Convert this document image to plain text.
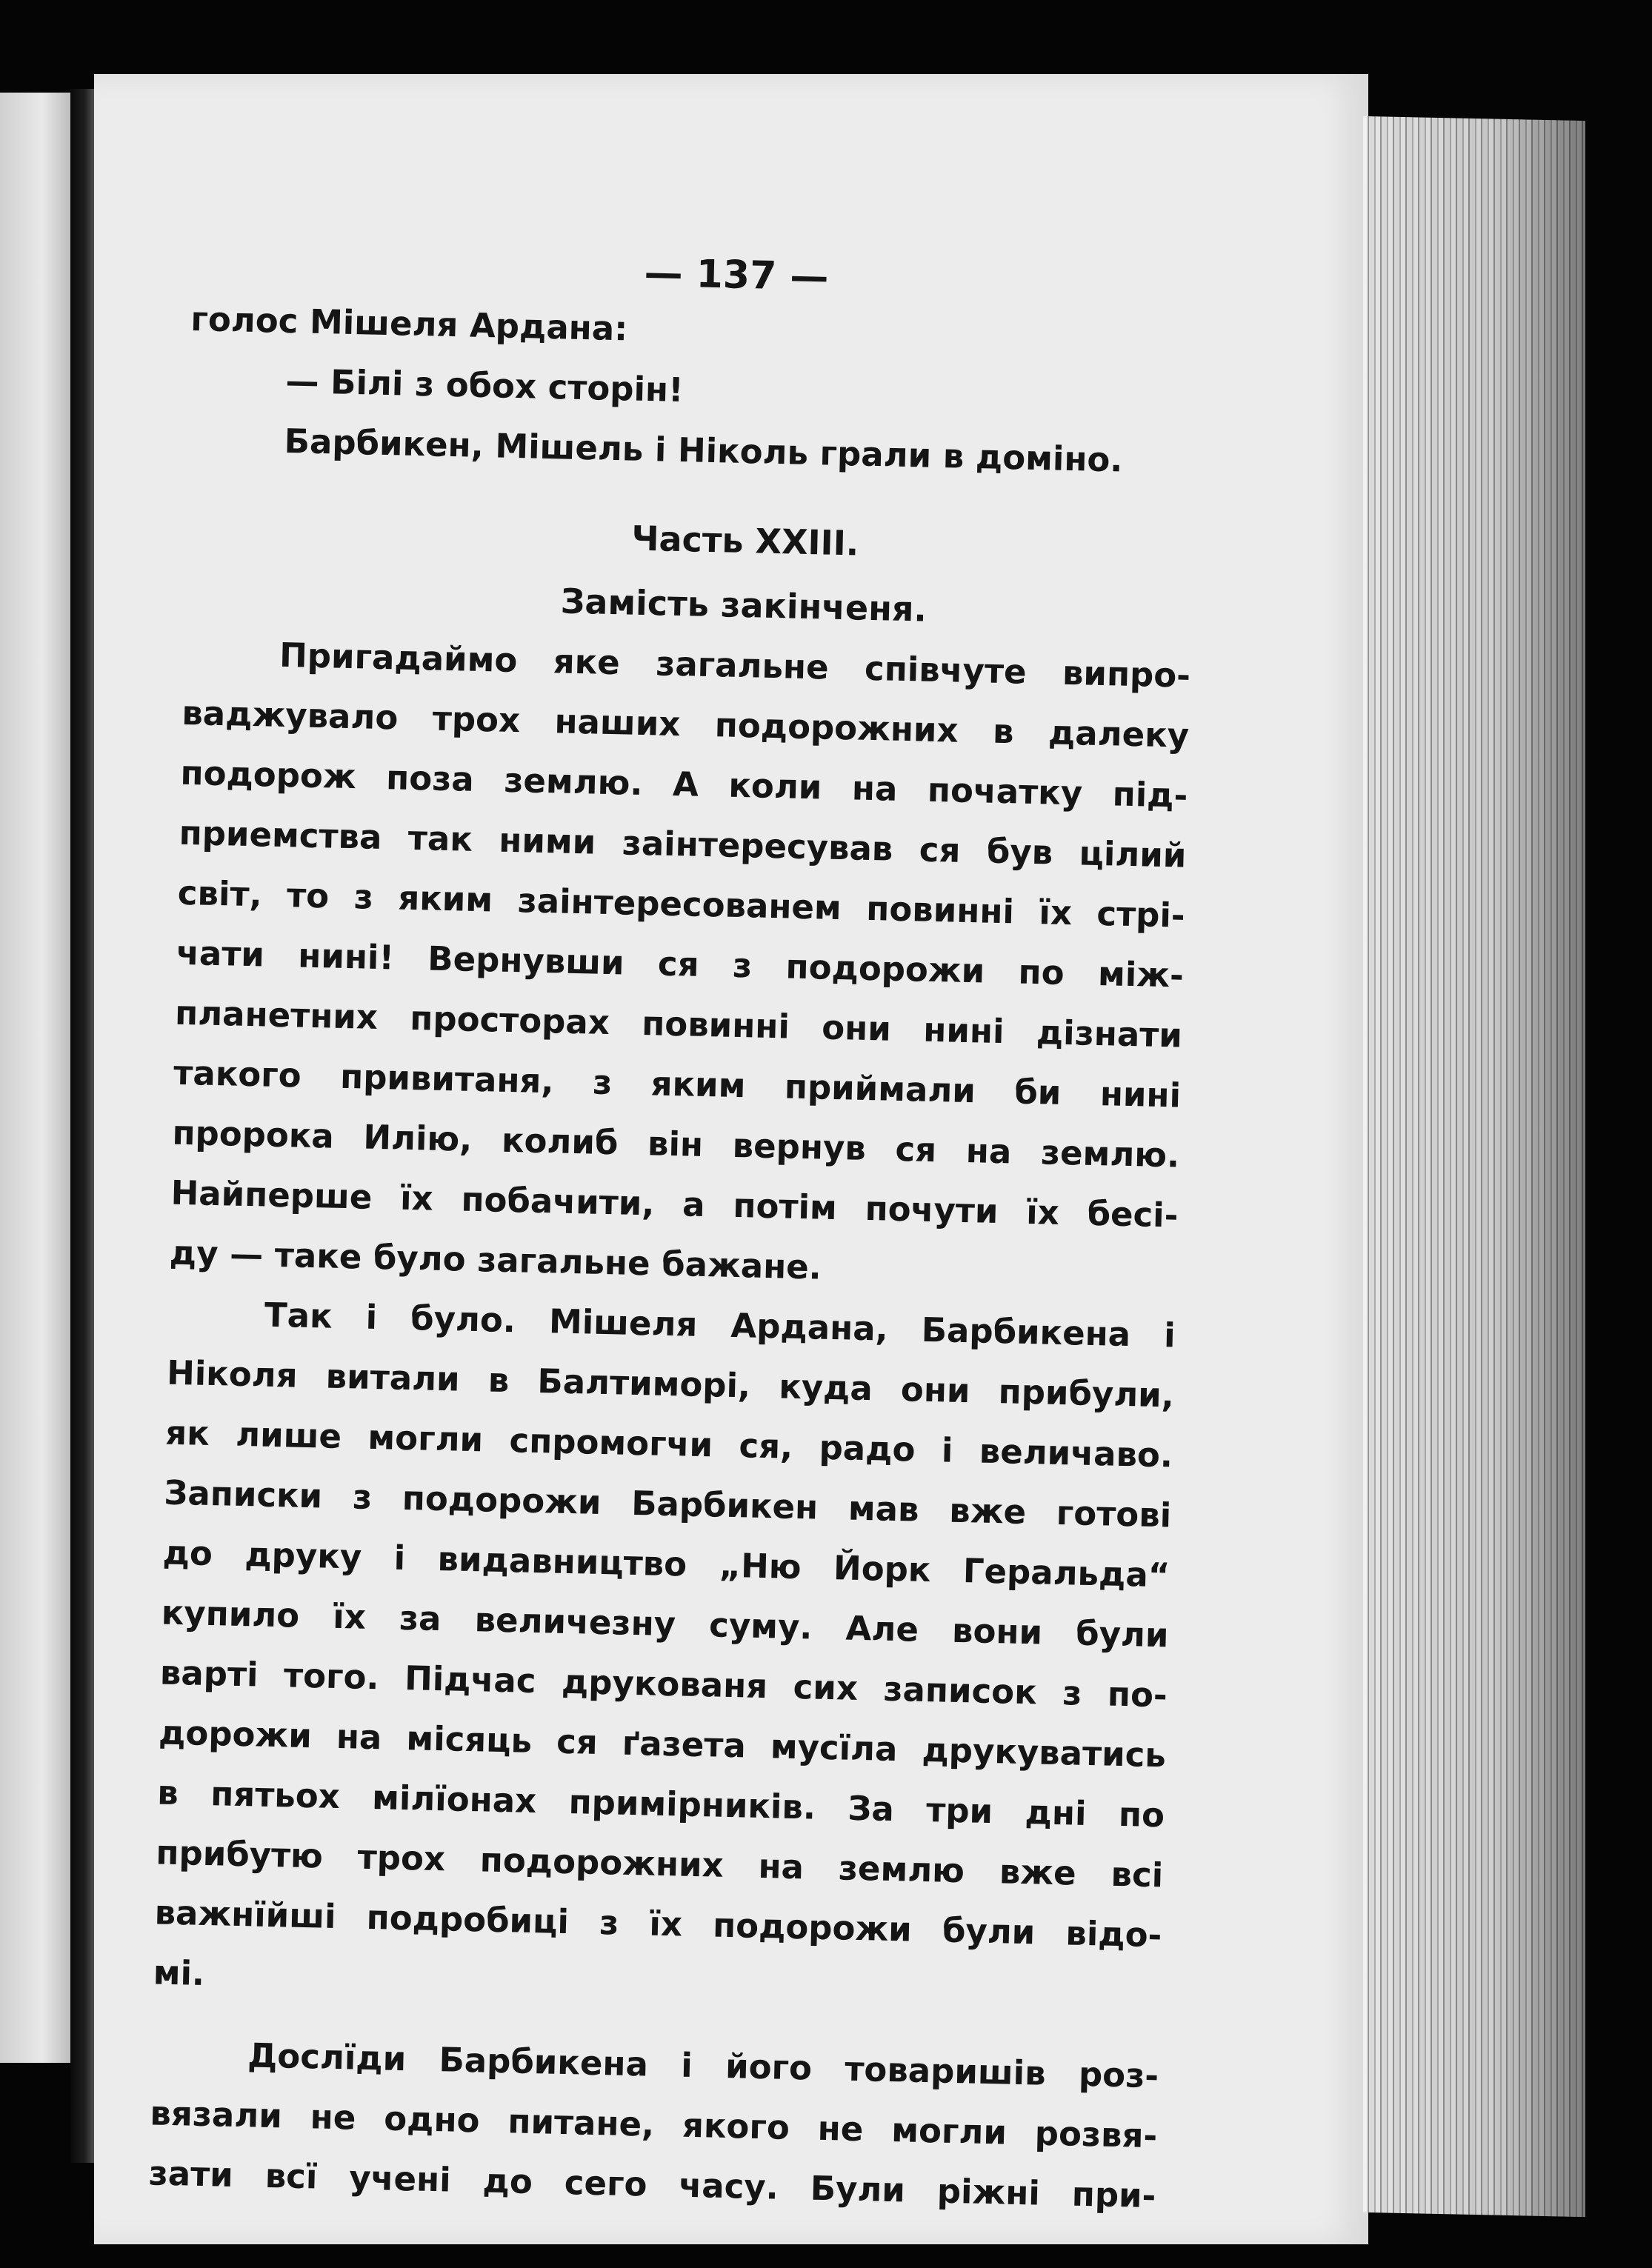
— 137 —
голос Мішеля Ардана:
— Білі з обох сторін!
Барбикен, Мішель і Ніколь грали в доміно.
Часть XXIII.
Замість закінченя.
Пригадаймо яке загальне співчуте випро-
ваджувало трох наших подорожних в далеку
подорож поза землю. А коли на початку під-
приемства так ними заінтересував ся був цілий
світ, то з яким заінтересованем повинні їх стрі-
чати нині! Вернувши ся з подорожи по між-
планетних просторах повинні они нині дізнати
такого привитаня, з яким приймали би нині
пророка Илію, колиб він вернув ся на землю.
Найперше їх побачити, а потім почути їх бесі-
ду — таке було загальне бажане.
Так і було. Мішеля Ардана, Барбикена і
Ніколя витали в Балтиморі, куда они прибули,
як лише могли спромогчи ся, радо і величаво.
Записки з подорожи Барбикен мав вже готові
до друку і видавництво „Ню Йорк Геральда“
купило їх за величезну суму. Але вони були
варті того. Підчас друкованя сих записок з по-
дорожи на місяць ся ґазета мусїла друкуватись
в пятьох мілїонах примірників. За три дні по
прибутю трох подорожних на землю вже всі
важнїйші подробиці з їх подорожи були відо-
мі.
Дослїди Барбикена і його товаришів роз-
вязали не одно питане, якого не могли розвя-
зати всї учені до сего часу. Були ріжні при-
